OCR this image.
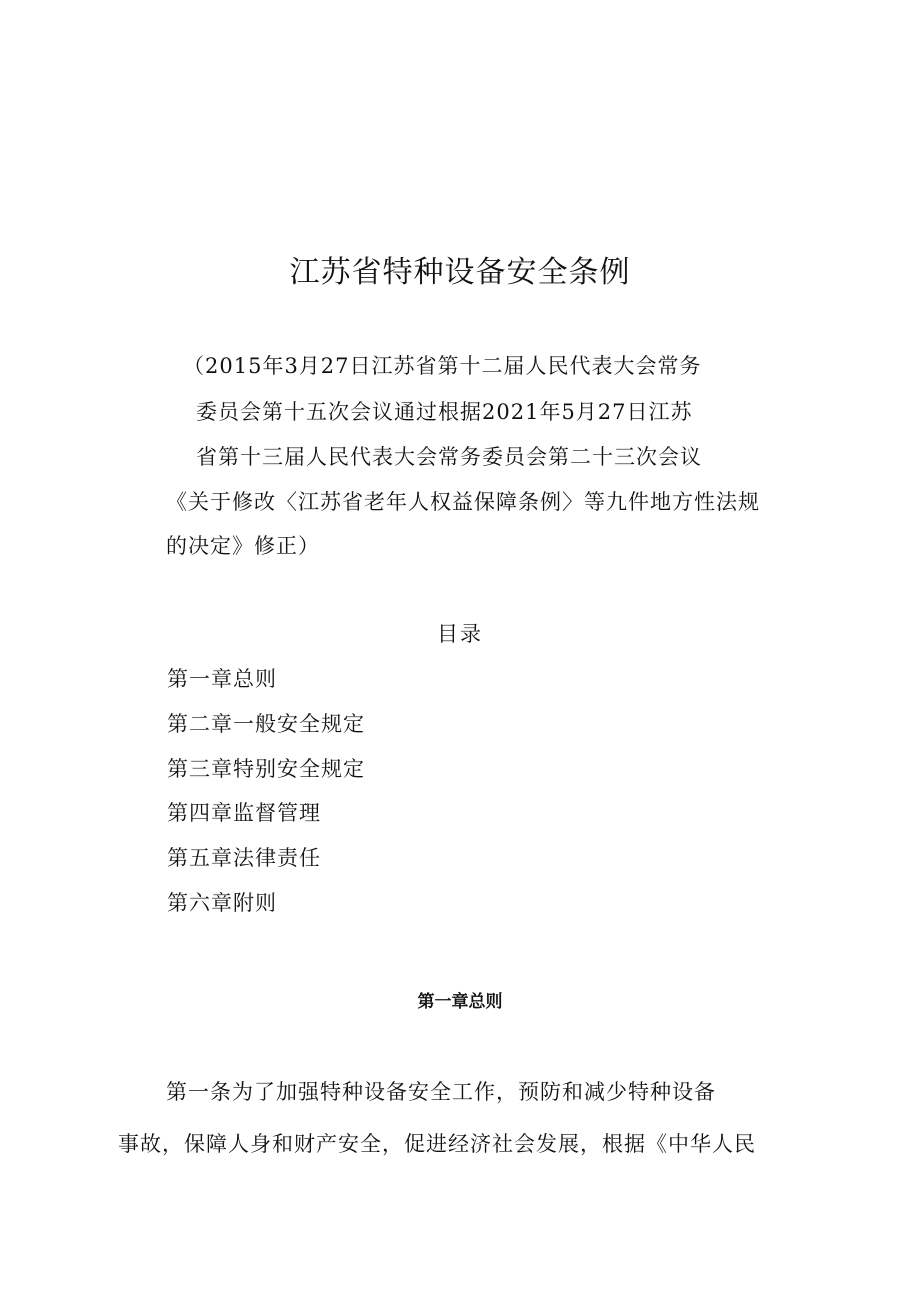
江苏省特种设备安全条例
（2015年3月27日江苏省第十二届人民代表大会常务
委员会第十五次会议通过根据2021年5月27日江苏
省第十三届人民代表大会常务委员会第二十三次会议
《关于修改〈江苏省老年人权益保障条例〉等九件地方性法规
的决定》修正）
目录
第一章总则
第二章一般安全规定
第三章特别安全规定
第四章监督管理
第五章法律责任
第六章附则
第一章总则
第一条为了加强特种设备安全工作，预防和减少特种设备
事故，保障人身和财产安全，促进经济社会发展，根据《中华人民
